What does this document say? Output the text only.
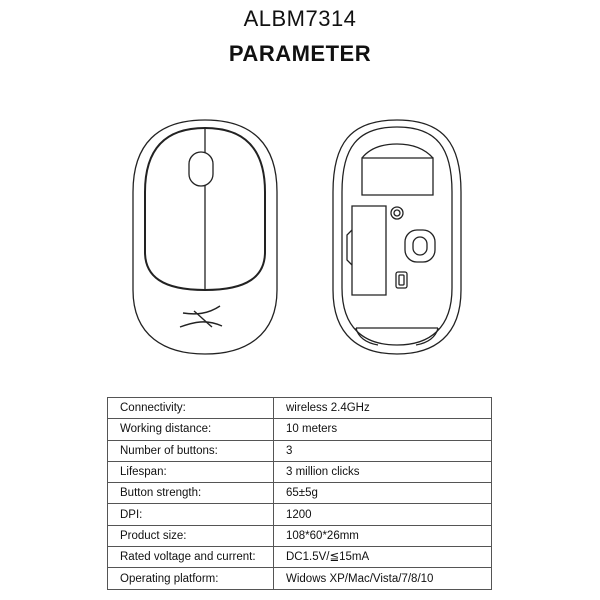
ALBM7314
PARAMETER
Connectivity:	wireless 2.4GHz
Working distance:	10 meters
Number of buttons:	3
Lifespan:	3 million clicks
Button strength:	65±5g
DPI:	1200
Product size:	108*60*26mm
Rated voltage and current:	DC1.5V/≦15mA
Operating platform:	Widows XP/Mac/Vista/7/8/10
